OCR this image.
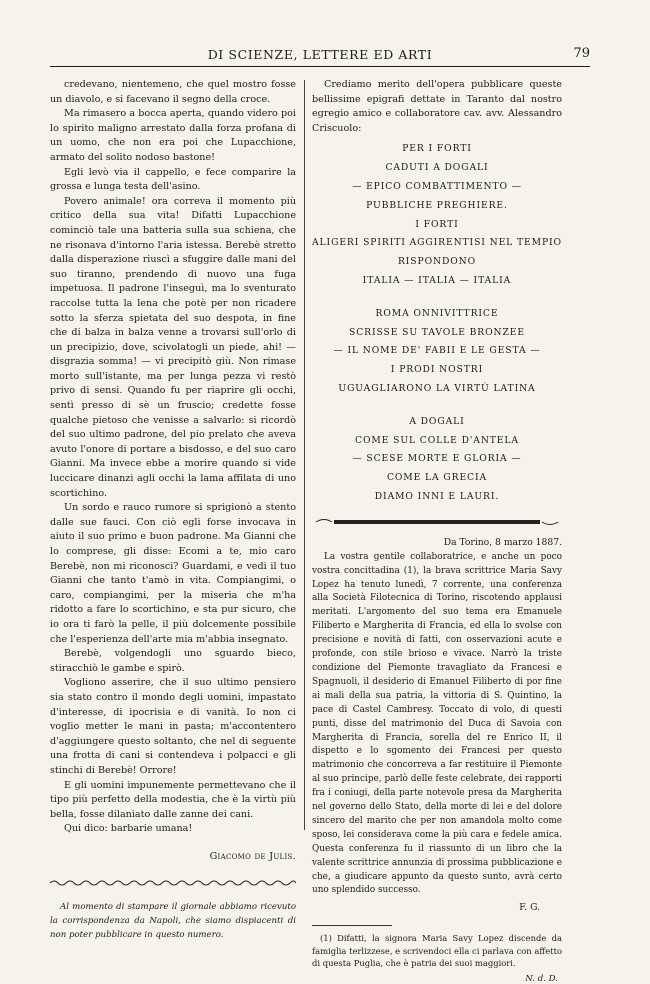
DI SCIENZE, LETTERE ED ARTI	79

credevano, nientemeno, che quel mostro fosse un diavolo, e si facevano il segno della croce.

Ma rimasero a bocca aperta, quando videro poi lo spirito maligno arrestato dalla forza profana di un uomo, che non era poi che Lupacchione, armato del solito nodoso bastone!

Egli levò via il cappello, e fece comparire la grossa e lunga testa dell'asino.

Povero animale! ora correva il momento più critico della sua vita! Difatti Lupacchione cominciò tale una batteria sulla sua schiena, che ne risonava d'intorno l'aria istessa. Berebè stretto dalla disperazione riuscì a sfuggire dalle mani del suo tiranno, prendendo di nuovo una fuga impetuosa. Il padrone l'inseguì, ma lo sventurato raccolse tutta la lena che potè per non ricadere sotto la sferza spietata del suo despota, in fine che di balza in balza venne a trovarsi sull'orlo di un precipizio, dove, scivolatogli un piede, ahi! — disgrazia somma! — vi precipitò giù. Non rimase morto sull'istante, ma per lunga pezza vi restò privo di sensi. Quando fu per riaprire gli occhi, sentì presso di sè un fruscio; credette fosse qualche pietoso che venisse a salvarlo: si ricordò del suo ultimo padrone, del pio prelato che aveva avuto l'onore di portare a bisdosso, e del suo caro Gianni. Ma invece ebbe a morire quando si vide luccicare dinanzi agli occhi la lama affilata di uno scortichino.

Un sordo e rauco rumore si sprigionò a stento dalle sue fauci. Con ciò egli forse invocava in aiuto il suo primo e buon padrone. Ma Gianni che lo comprese, gli disse: Ecomi a te, mio caro Berebè, non mi riconosci? Guardami, e vedi il tuo Gianni che tanto t'amò in vita. Compiangimi, o caro, compiangimi, per la miseria che m'ha ridotto a fare lo scortichino, e sta pur sicuro, che io ora ti farò la pelle, il più dolcemente possibile che l'esperienza dell'arte mia m'abbia insegnato.

Berebè, volgendogli uno sguardo bieco, stiracchiò le gambe e spirò.

Vogliono asserire, che il suo ultimo pensiero sia stato contro il mondo degli uomini, impastato d'interesse, di ipocrisia e di vanità. Io non ci voglio metter le mani in pasta; m'accontentero d'aggiungere questo soltanto, che nel di seguente una frotta di cani si contendeva i polpacci e gli stinchi di Berebè! Orrore!

E gli uomini impunemente permettevano che il tipo più perfetto della modestia, che è la virtù più bella, fosse dilaniato dalle zanne dei cani.

Qui dico: barbarie umana!

Giacomo de Julis.
Al momento di stampare il giornale abbiamo ricevuto la corrispondenza da Napoli, che siamo dispiacenti di non poter pubblicare in questo numero.

Crediamo merito dell'opera pubblicare queste bellissime epigrafi dettate in Taranto dal nostro egregio amico e collaboratore cav. avv. Alessandro Criscuolo:

PER I FORTI
CADUTI A DOGALI
— EPICO COMBATTIMENTO —
PUBBLICHE PREGHIERE.
I FORTI
ALIGERI SPIRITI AGGIRENTISI NEL TEMPIO
RISPONDONO
ITALIA — ITALIA — ITALIA
ROMA ONNIVITTRICE
SCRISSE SU TAVOLE BRONZEE
— IL NOME DE' FABII E LE GESTA —
I PRODI NOSTRI
UGUAGLIARONO LA VIRTÙ LATINA
A DOGALI
COME SUL COLLE D'ANTELA
— SCESE MORTE E GLORIA —
COME LA GRECIA
DIAMO INNI E LAURI.
Da Torino, 8 marzo 1887.

La vostra gentile collaboratrice, e anche un poco vostra concittadina (1), la brava scrittrice Maria Savy Lopez ha tenuto lunedì, 7 corrente, una conferenza alla Società Filotecnica di Torino, riscotendo applausi meritati. L'argomento del suo tema era Emanuele Filiberto e Margherita di Francia, ed ella lo svolse con precisione e novità di fatti, con osservazioni acute e profonde, con stile brioso e vivace. Narrò la triste condizione del Piemonte travagliato da Francesi e Spagnuoli, il desiderio di Emanuel Filiberto di por fine ai mali della sua patria, la vittoria di S. Quintino, la pace di Castel Cambresy. Toccato di volo, di questi punti, disse del matrimonio del Duca di Savoia con Margherita di Francia, sorella del re Enrico II, il dispetto e lo sgomento dei Francesi per questo matrimonio che concorreva a far restituire il Piemonte al suo principe, parlò delle feste celebrate, dei rapporti fra i coniugi, della parte notevole presa da Margherita nel governo dello Stato, della morte di lei e del dolore sincero del marito che per non amandola molto come sposo, lei considerava come la più cara e fedele amica. Questa conferenza fu il riassunto di un libro che la valente scrittrice annunzia di prossima pubblicazione e che, a giudicare appunto da questo sunto, avrà certo uno splendido successo.

F. G.
(1) Difatti, la signora Maria Savy Lopez discende da famiglia terlizzese, e scrivendoci ella ci parlava con affetto di questa Puglia, che è patria dei suoi maggiori.
N. d. D.
